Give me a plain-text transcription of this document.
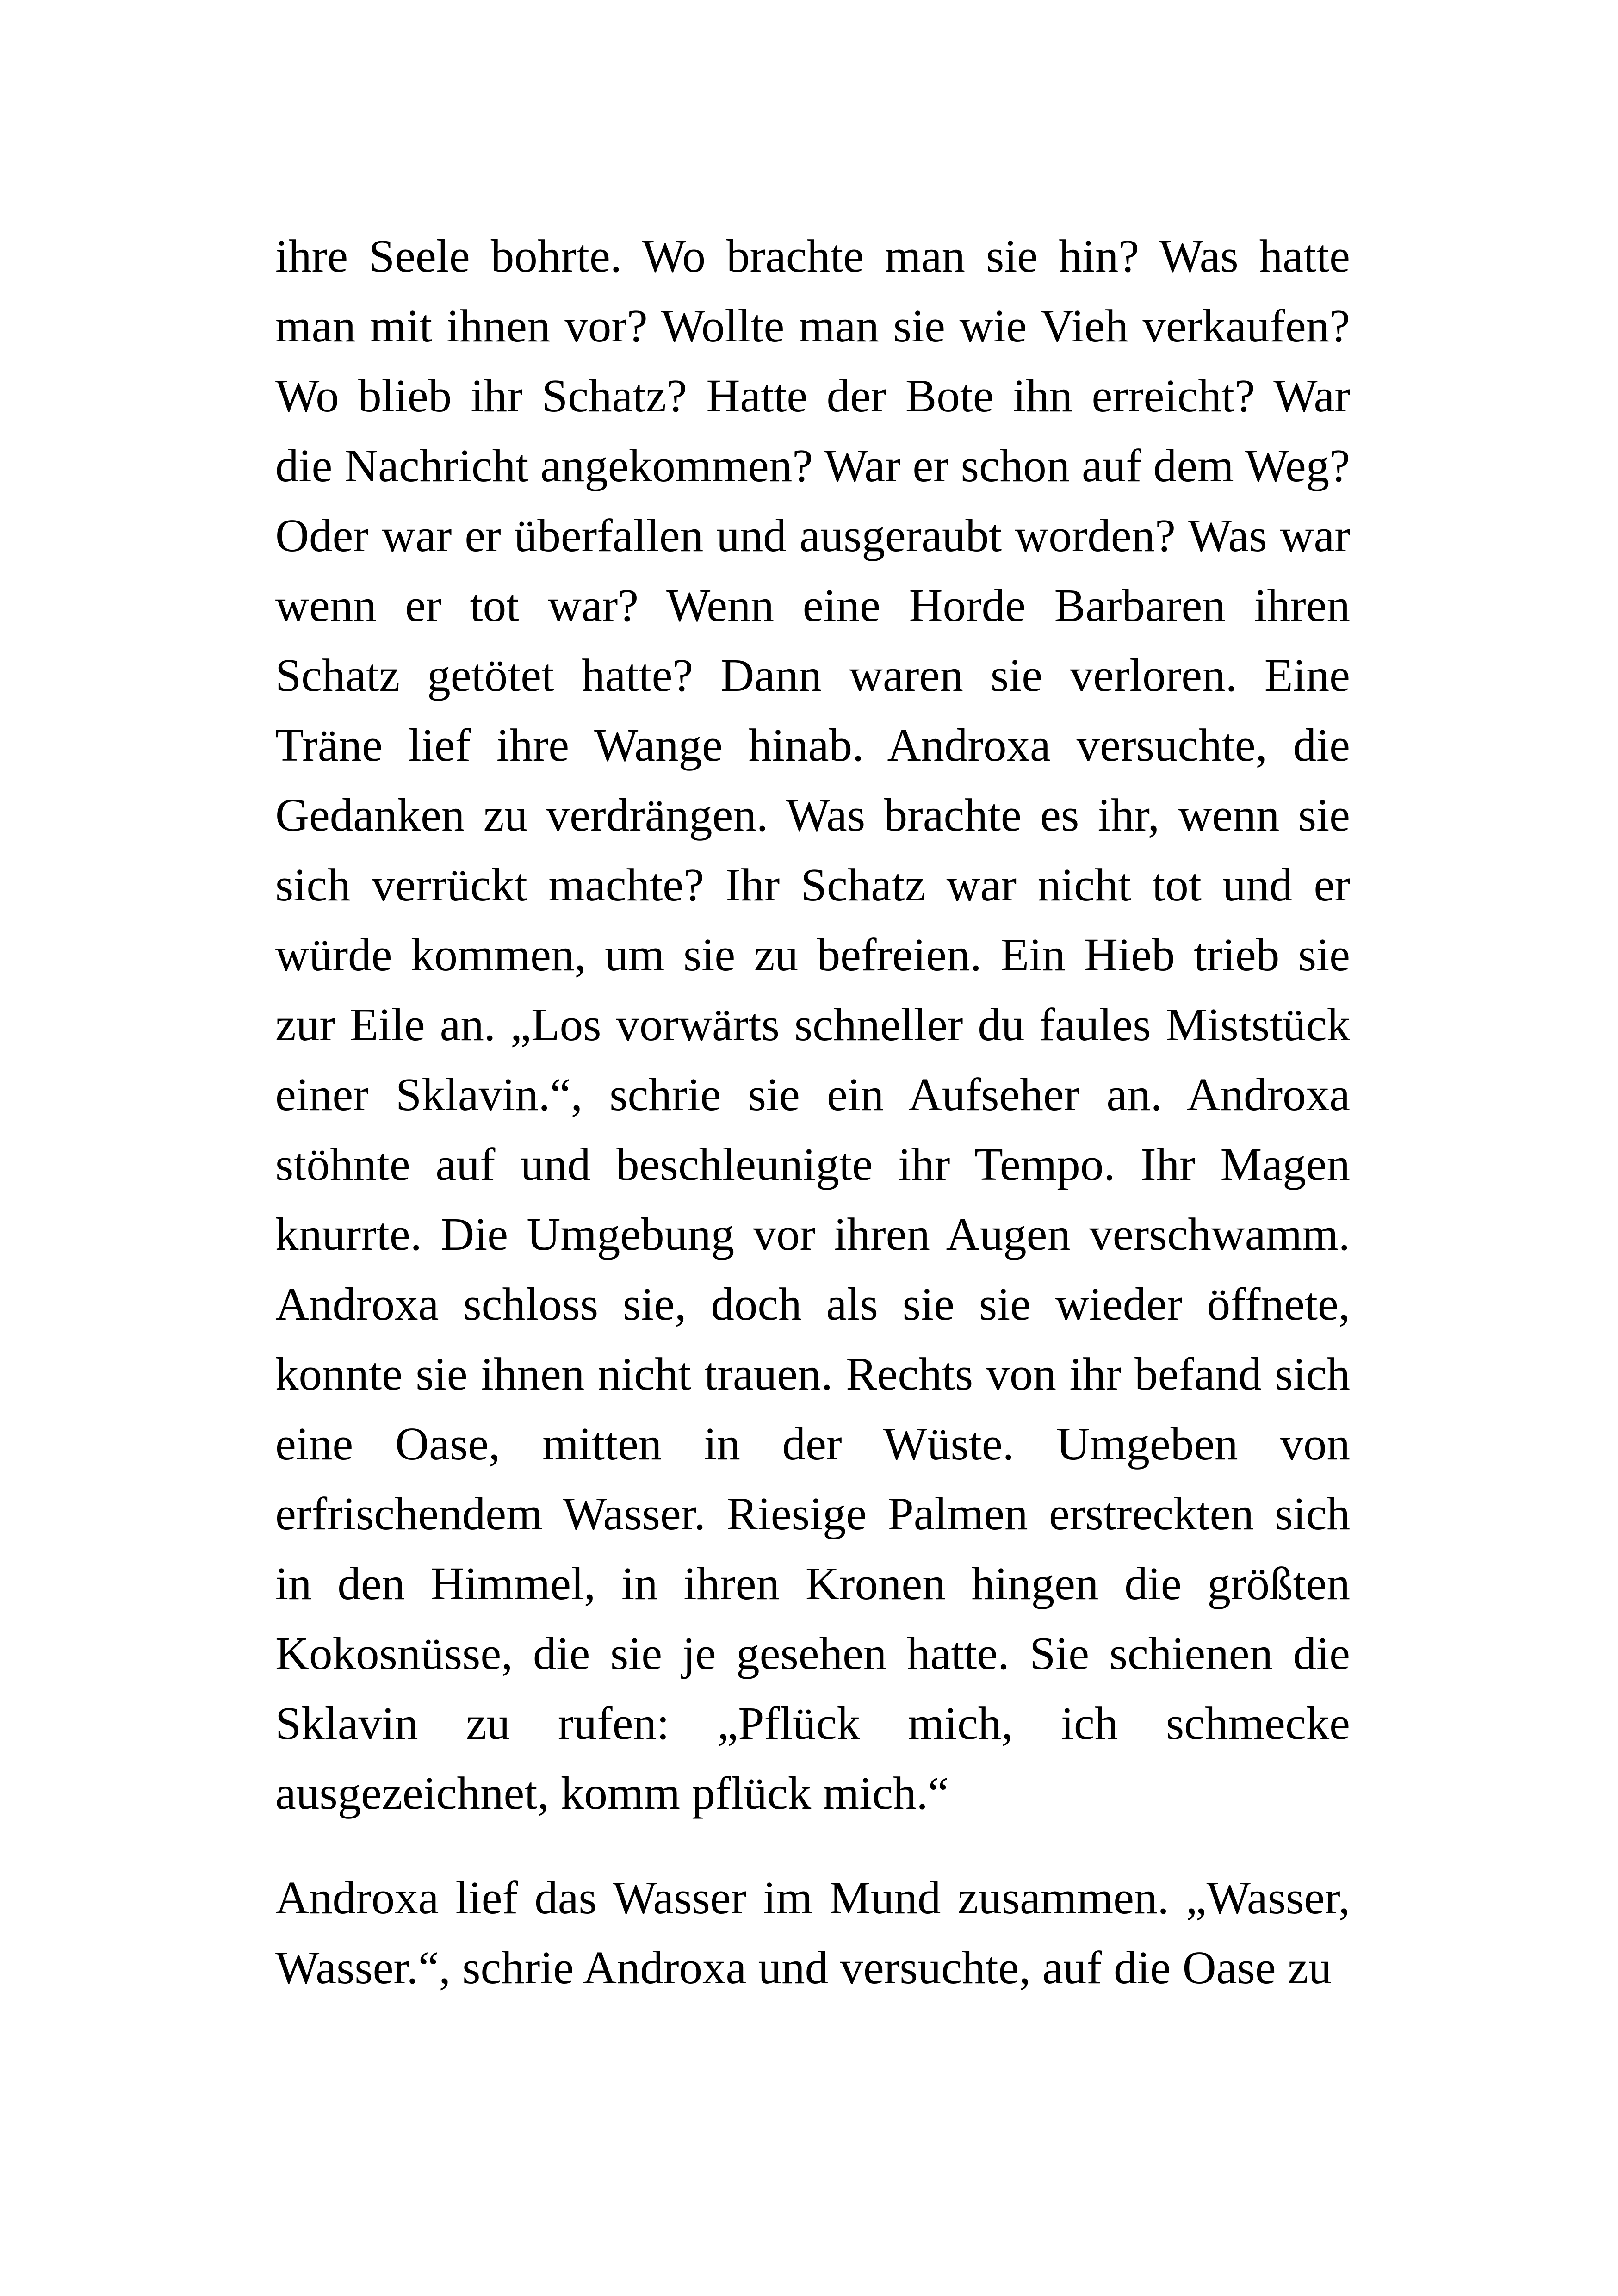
ihre Seele bohrte. Wo brachte man sie hin? Was hatte man mit ihnen vor? Wollte man sie wie Vieh verkaufen? Wo blieb ihr Schatz? Hatte der Bote ihn erreicht? War die Nachricht angekommen? War er schon auf dem Weg? Oder war er überfallen und ausgeraubt worden? Was war wenn er tot war? Wenn eine Horde Barbaren ihren Schatz getötet hatte? Dann waren sie verloren. Eine Träne lief ihre Wange hinab. Androxa versuchte, die Gedanken zu verdrängen. Was brachte es ihr, wenn sie sich verrückt machte? Ihr Schatz war nicht tot und er würde kommen, um sie zu befreien. Ein Hieb trieb sie zur Eile an. „Los vorwärts schneller du faules Miststück einer Sklavin.“, schrie sie ein Aufseher an. Androxa stöhnte auf und beschleunigte ihr Tempo. Ihr Magen knurrte. Die Umgebung vor ihren Augen verschwamm. Androxa schloss sie, doch als sie sie wieder öffnete, konnte sie ihnen nicht trauen. Rechts von ihr befand sich eine Oase, mitten in der Wüste. Umgeben von erfrischendem Wasser. Riesige Palmen erstreckten sich in den Himmel, in ihren Kronen hingen die größten Kokosnüsse, die sie je gesehen hatte. Sie schienen die Sklavin zu rufen: „Pflück mich, ich schmecke ausgezeichnet, komm pflück mich.“

Androxa lief das Wasser im Mund zusammen. „Wasser, Wasser.“, schrie Androxa und versuchte, auf die Oase zu
